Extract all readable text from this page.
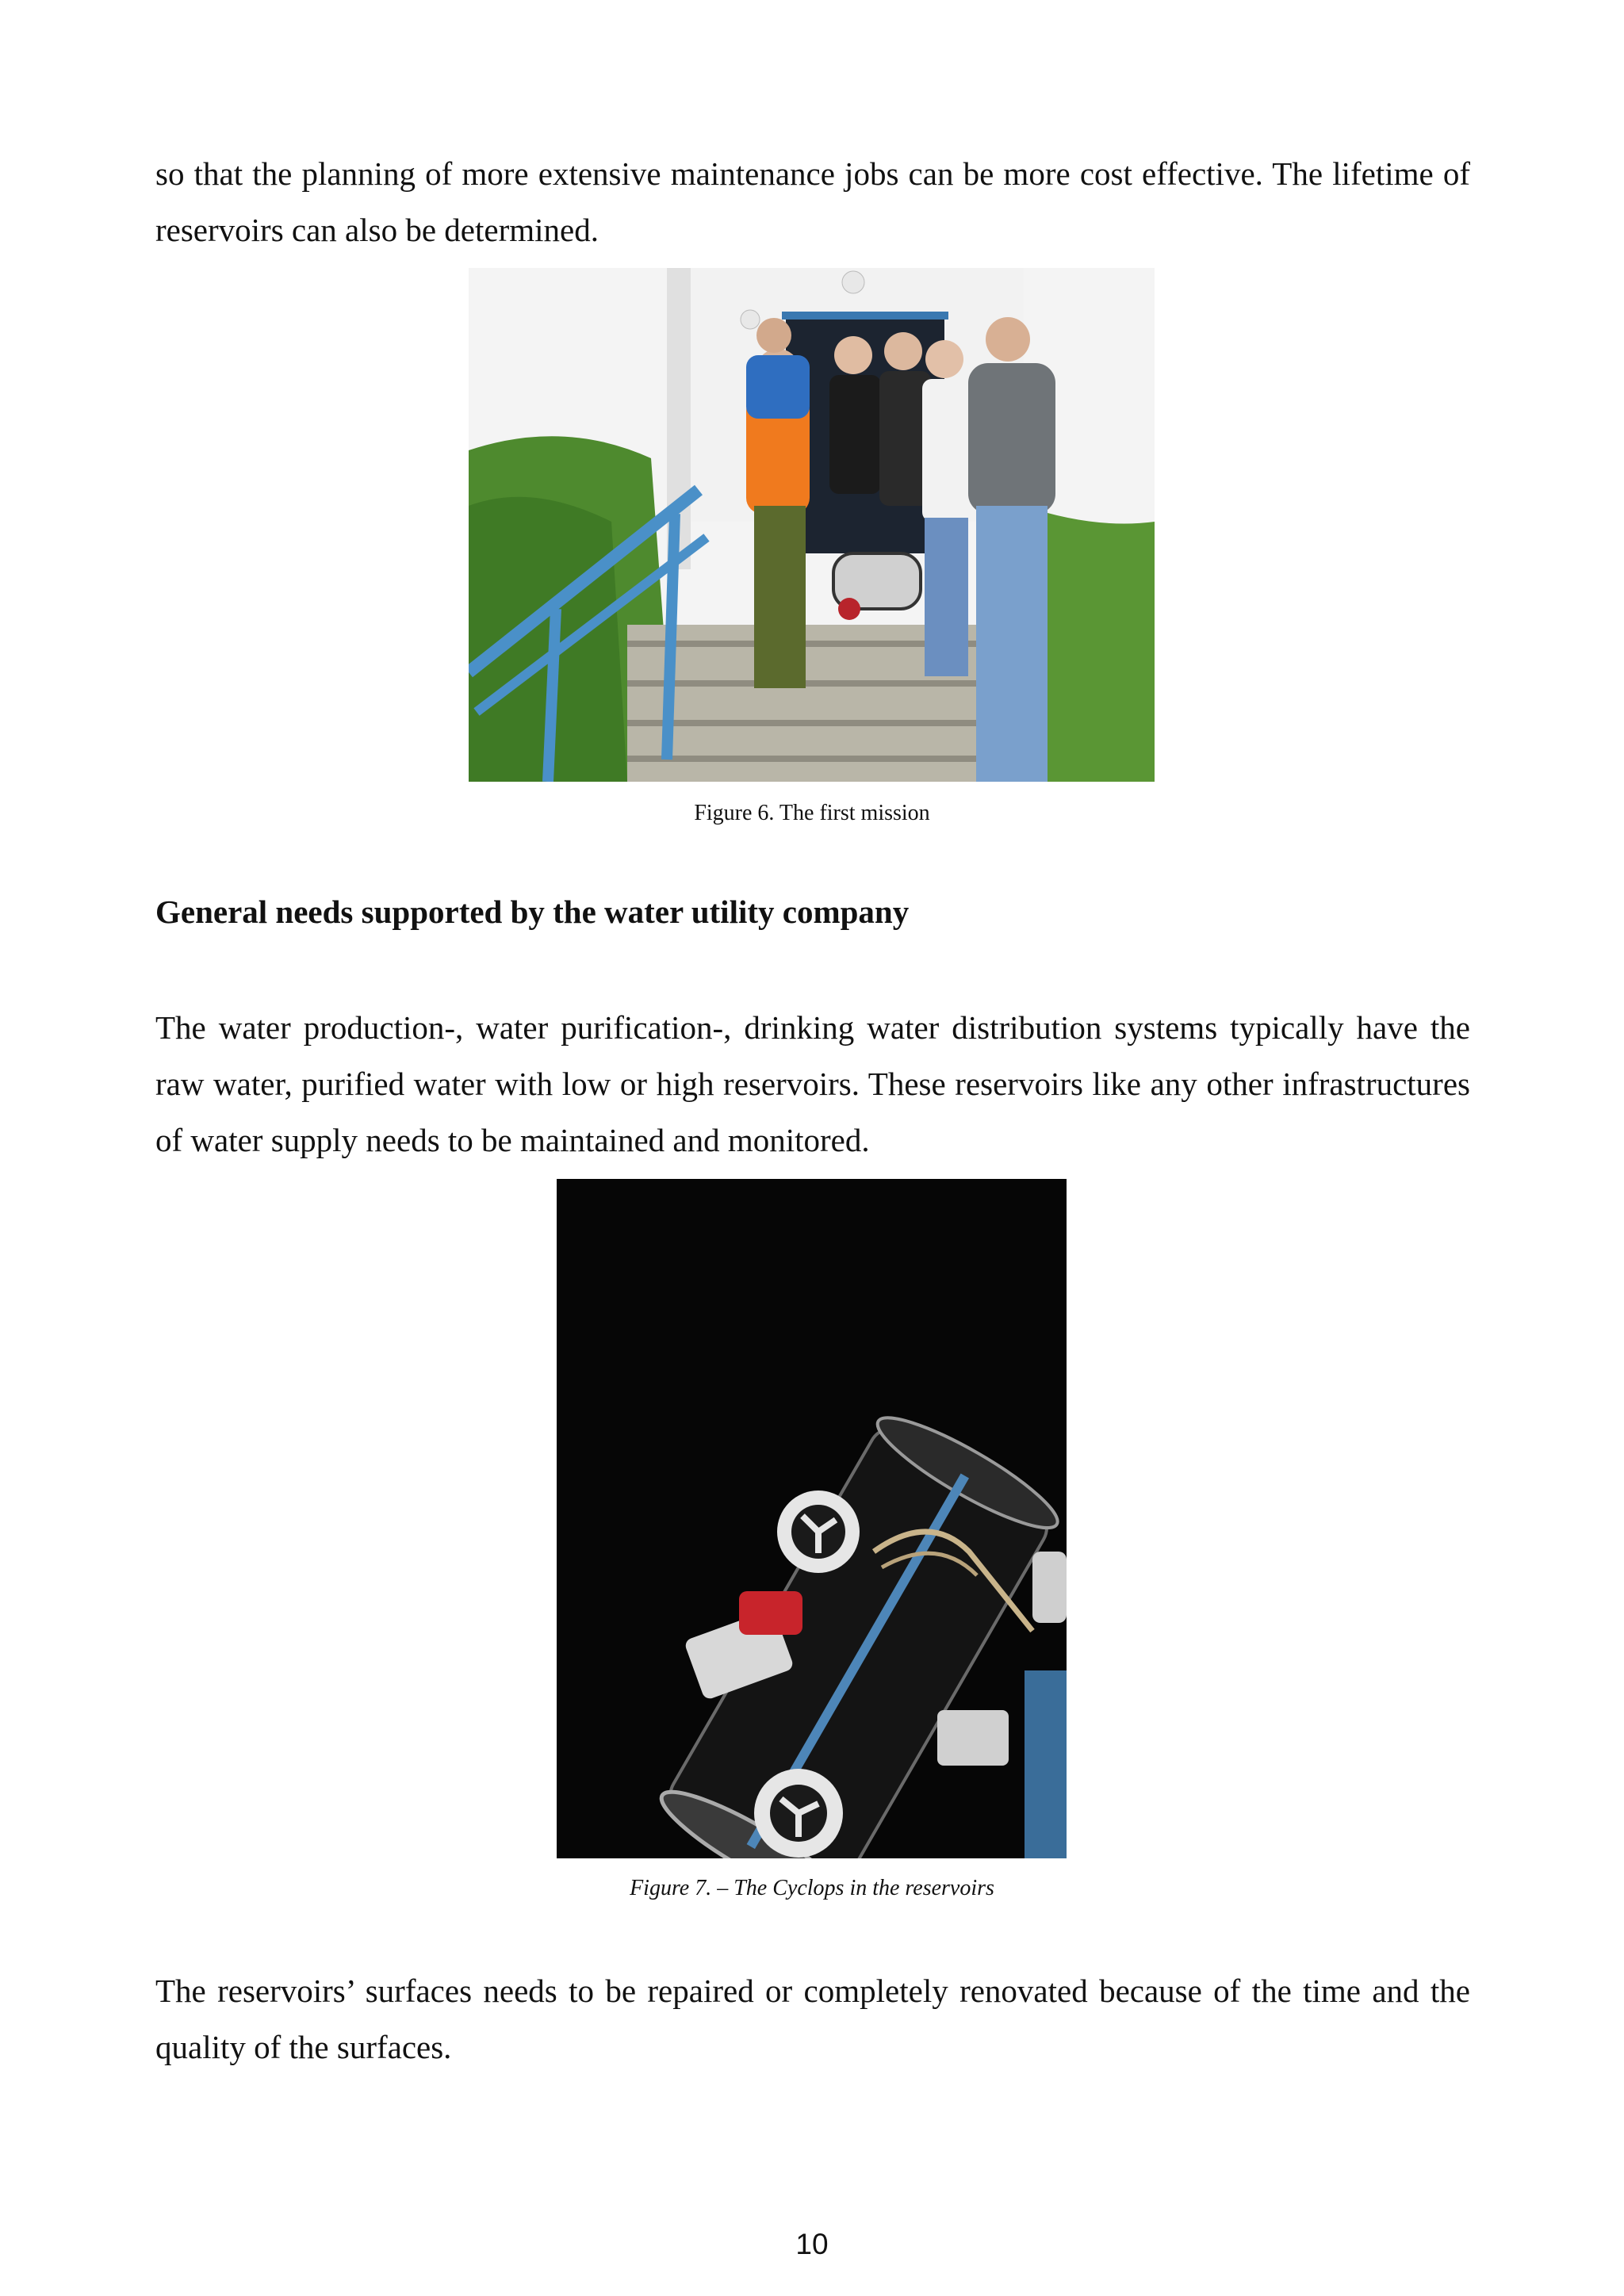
so that the planning of more extensive maintenance jobs can be more cost effective. The lifetime of reservoirs can also be determined.

Figure 6. The first mission

General needs supported by the water utility company

The water production-, water purification-, drinking water distribution systems typically have the raw water, purified water with low or high reservoirs. These reservoirs like any other infrastructures of water supply needs to be maintained and monitored.

Figure 7. – The Cyclops in the reservoirs

The reservoirs’ surfaces needs to be repaired or completely renovated because of the time and the quality of the surfaces.

10
